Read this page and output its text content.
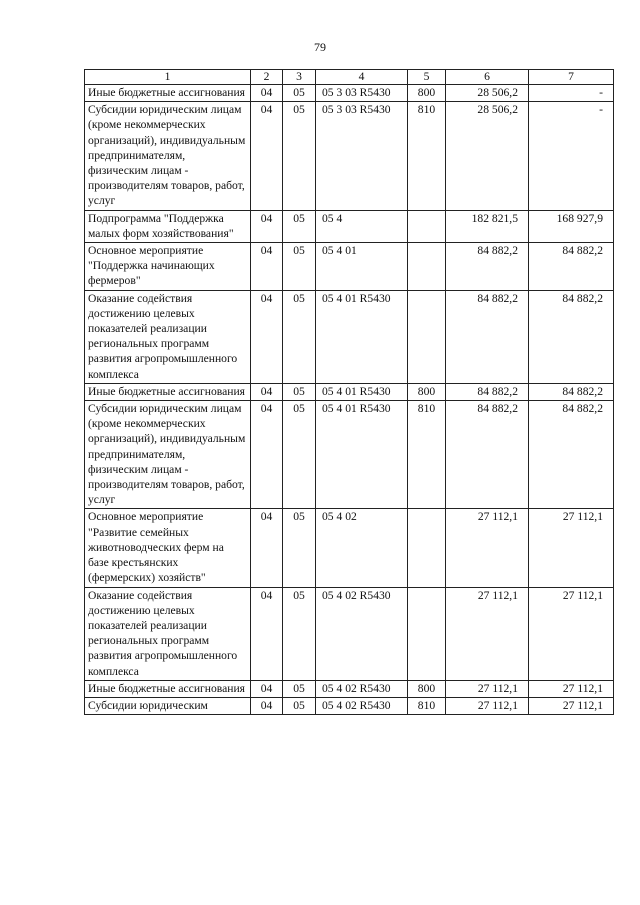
79
1	2	3	4	5	6	7
Иные бюджетные ассигнования	04	05	05 3 03 R5430	800	28 506,2	-
Субсидии юридическим лицам (кроме некоммерческих организаций), индивидуальным предпринимателям, физическим лицам - производителям товаров, работ, услуг	04	05	05 3 03 R5430	810	28 506,2	-
Подпрограмма "Поддержка малых форм хозяйствования"	04	05	05 4		182 821,5	168 927,9
Основное мероприятие "Поддержка начинающих фермеров"	04	05	05 4 01		84 882,2	84 882,2
Оказание содействия достижению целевых показателей реализации региональных программ развития агропромышленного комплекса	04	05	05 4 01 R5430		84 882,2	84 882,2
Иные бюджетные ассигнования	04	05	05 4 01 R5430	800	84 882,2	84 882,2
Субсидии юридическим лицам (кроме некоммерческих организаций), индивидуальным предпринимателям, физическим лицам - производителям товаров, работ, услуг	04	05	05 4 01 R5430	810	84 882,2	84 882,2
Основное мероприятие "Развитие семейных животноводческих ферм на базе крестьянских (фермерских) хозяйств"	04	05	05 4 02		27 112,1	27 112,1
Оказание содействия достижению целевых показателей реализации региональных программ развития агропромышленного комплекса	04	05	05 4 02 R5430		27 112,1	27 112,1
Иные бюджетные ассигнования	04	05	05 4 02 R5430	800	27 112,1	27 112,1
Субсидии юридическим	04	05	05 4 02 R5430	810	27 112,1	27 112,1
